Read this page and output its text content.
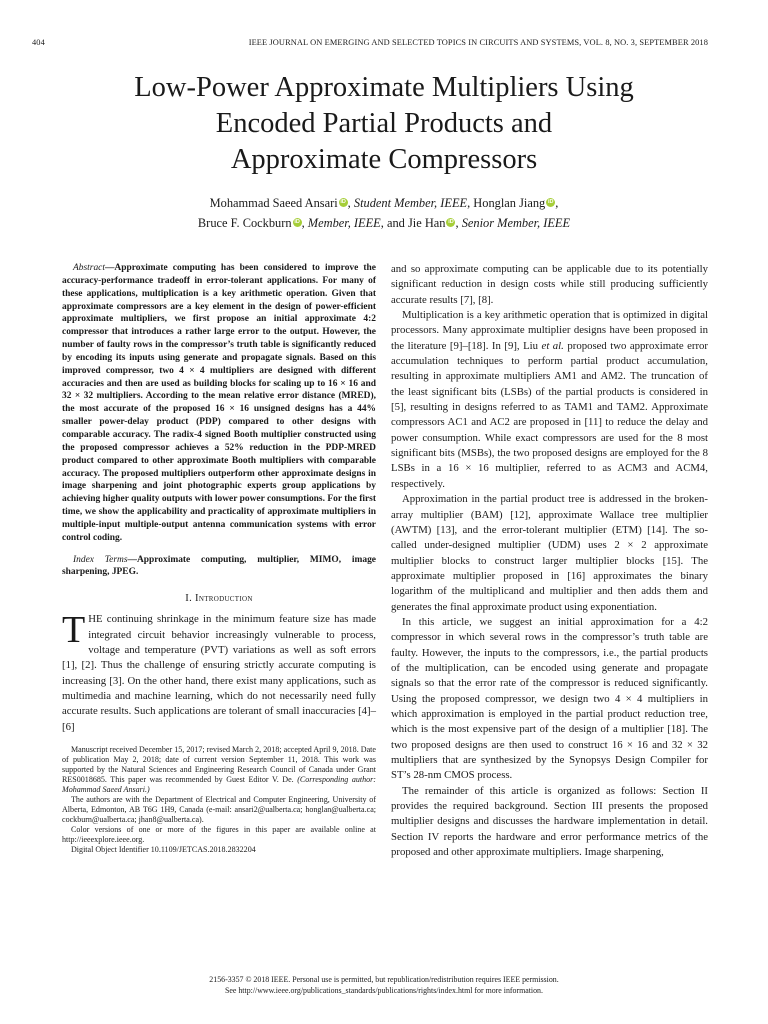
404	IEEE JOURNAL ON EMERGING AND SELECTED TOPICS IN CIRCUITS AND SYSTEMS, VOL. 8, NO. 3, SEPTEMBER 2018
Low-Power Approximate Multipliers Using
Encoded Partial Products and
Approximate Compressors
Mohammad Saeed Ansari iD , Student Member, IEEE, Honglan Jiang iD ,
Bruce F. Cockburn iD , Member, IEEE, and Jie Han iD , Senior Member, IEEE

Abstract—Approximate computing has been considered to improve the accuracy-performance tradeoff in error-tolerant applications. For many of these applications, multiplication is a key arithmetic operation. Given that approximate compressors are a key element in the design of power-efficient approximate multipliers, we first propose an initial approximate 4:2 compressor that introduces a rather large error to the output. However, the number of faulty rows in the compressor’s truth table is significantly reduced by encoding its inputs using generate and propagate signals. Based on this improved compressor, two 4 × 4 multipliers are designed with different accuracies and then are used as building blocks for scaling up to 16 × 16 and 32 × 32 multipliers. According to the mean relative error distance (MRED), the most accurate of the proposed 16 × 16 unsigned designs has a 44% smaller power-delay product (PDP) compared to other designs with comparable accuracy. The radix-4 signed Booth multiplier constructed using the proposed compressor achieves a 52% reduction in the PDP-MRED product compared to other approximate Booth multipliers with comparable accuracy. The proposed multipliers outperform other approximate designs in image sharpening and joint photographic experts group applications by achieving higher quality outputs with lower power consumptions. For the first time, we show the applicability and practicality of approximate multipliers in multiple-input multiple-output antenna communication systems with error control coding.

Index Terms—Approximate computing, multiplier, MIMO, image sharpening, JPEG.

I. Introduction

THE continuing shrinkage in the minimum feature size has made integrated circuit behavior increasingly vulnerable to process, voltage and temperature (PVT) variations as well as soft errors [1], [2]. Thus the challenge of ensuring strictly accurate computing is increasing [3]. On the other hand, there exist many applications, such as multimedia and machine learning, which do not necessarily need fully accurate results. Such applications are tolerant of small inaccuracies [4]–[6]

Manuscript received December 15, 2017; revised March 2, 2018; accepted April 9, 2018. Date of publication May 2, 2018; date of current version September 11, 2018. This work was supported by the Natural Sciences and Engineering Research Council of Canada under Grant RES0018685. This paper was recommended by Guest Editor V. De. (Corresponding author: Mohammad Saeed Ansari.)

The authors are with the Department of Electrical and Computer Engineering, University of Alberta, Edmonton, AB T6G 1H9, Canada (e-mail: ansari2@ualberta.ca; honglan@ualberta.ca; cockburn@ualberta.ca; jhan8@ualberta.ca).

Color versions of one or more of the figures in this paper are available online at http://ieeexplore.ieee.org.

Digital Object Identifier 10.1109/JETCAS.2018.2832204

and so approximate computing can be applicable due to its potentially significant reduction in design costs while still producing sufficiently accurate results [7], [8].

Multiplication is a key arithmetic operation that is optimized in digital processors. Many approximate multiplier designs have been proposed in the literature [9]–[18]. In [9], Liu et al. proposed two approximate error accumulation techniques to perform partial product accumulation, resulting in approximate multipliers AM1 and AM2. The truncation of the least significant bits (LSBs) of the partial products is considered in [5], resulting in designs referred to as TAM1 and TAM2. Approximate compressors AC1 and AC2 are proposed in [11] to reduce the delay and power consumption. While exact compressors are used for the 8 most significant bits (MSBs), the two proposed designs are employed for the 8 LSBs in a 16 × 16 multiplier, referred to as ACM3 and ACM4, respectively.

Approximation in the partial product tree is addressed in the broken-array multiplier (BAM) [12], approximate Wallace tree multiplier (AWTM) [13], and the error-tolerant multiplier (ETM) [14]. The so-called under-designed multiplier (UDM) uses 2 × 2 approximate multiplier blocks to construct larger multiplier blocks [15]. The approximate multiplier proposed in [16] approximates the binary logarithm of the multiplicand and multiplier and then adds them and generates the final approximate product using exponentiation.

In this article, we suggest an initial approximation for a 4:2 compressor in which several rows in the compressor’s truth table are faulty. However, the inputs to the compressors, i.e., the partial products of the multiplication, can be encoded using generate and propagate signals so that the error rate of the compressor is reduced significantly. Using the proposed compressor, we design two 4 × 4 multipliers in which approximation is employed in the partial product reduction tree, which is the most expensive part of the design of a multiplier [18]. The two proposed designs are then used to construct 16 × 16 and 32 × 32 multipliers that are synthesized by the Synopsys Design Compiler for ST’s 28-nm CMOS process.

The remainder of this article is organized as follows: Section II provides the required background. Section III presents the proposed multiplier designs and discusses the hardware implementation in detail. Section IV reports the hardware and error performance metrics of the proposed and other approximate multipliers. Image sharpening,

2156-3357 © 2018 IEEE. Personal use is permitted, but republication/redistribution requires IEEE permission.
See http://www.ieee.org/publications_standards/publications/rights/index.html for more information.
